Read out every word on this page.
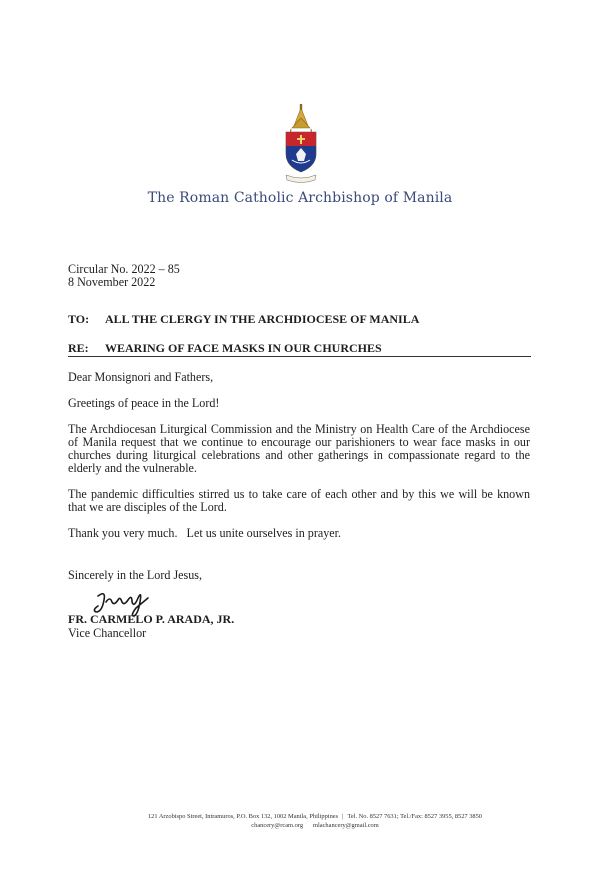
The Roman Catholic Archbishop of Manila
Circular No. 2022 – 85
8 November 2022
TO: ALL THE CLERGY IN THE ARCHDIOCESE OF MANILA
RE: WEARING OF FACE MASKS IN OUR CHURCHES
Dear Monsignori and Fathers,
Greetings of peace in the Lord!
The Archdiocesan Liturgical Commission and the Ministry on Health Care of the Archdiocese of Manila request that we continue to encourage our parishioners to wear face masks in our churches during liturgical celebrations and other gatherings in compassionate regard to the elderly and the vulnerable.
The pandemic difficulties stirred us to take care of each other and by this we will be known that we are disciples of the Lord.
Thank you very much.   Let us unite ourselves in prayer.
Sincerely in the Lord Jesus,
FR. CARMELO P. ARADA, JR.
Vice Chancellor
121 Arzobispo Street, Intramuros, P.O. Box 132, 1002 Manila, Philippines | Tel. No. 8527 7631; Tel./Fax: 8527 3955, 8527 3850
chancery@rcam.org mlachancery@gmail.com
